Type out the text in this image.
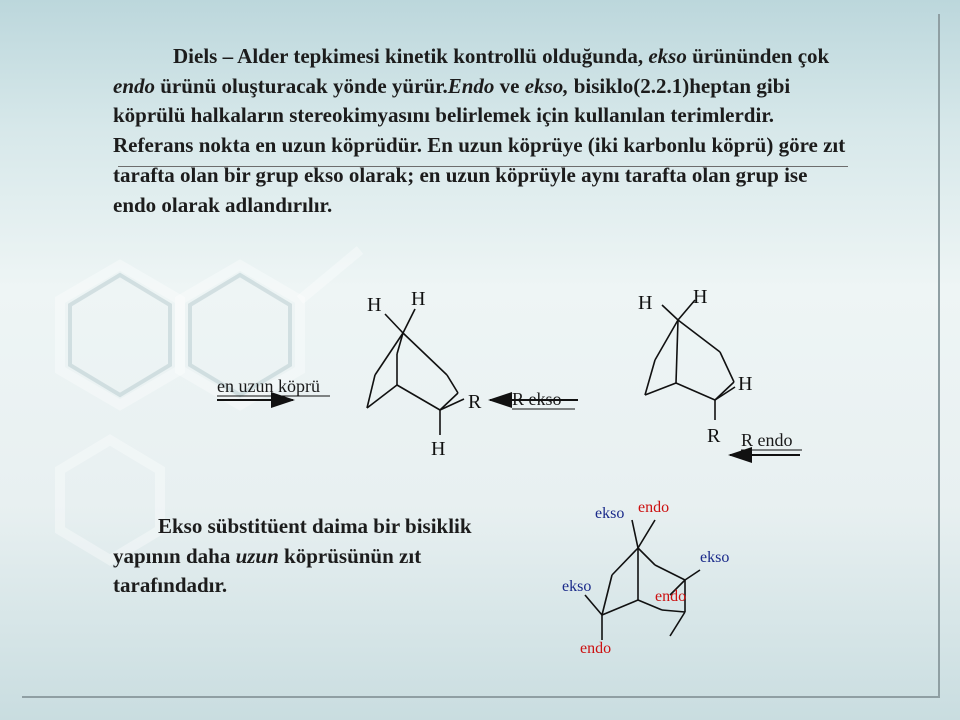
Diels – Alder tepkimesi kinetik kontrollü olduğunda, ekso ürününden çok endo ürünü oluşturacak yönde yürür.Endo ve ekso, bisiklo(2.2.1)heptan gibi köprülü halkaların stereokimyasını belirlemek için kullanılan terimlerdir. Referans nokta en uzun köprüdür. En uzun köprüye (iki karbonlu köprü) göre zıt tarafta olan bir grup ekso olarak; en uzun köprüyle aynı tarafta olan grup ise endo olarak adlandırılır.

Ekso sübstitüent daima bir bisiklik yapının daha uzun köprüsünün zıt tarafındadır.

H H
R
H
en uzun köprü
R ekso
H H
H
R R endo
ekso endo
ekso
ekso
endo
endo
